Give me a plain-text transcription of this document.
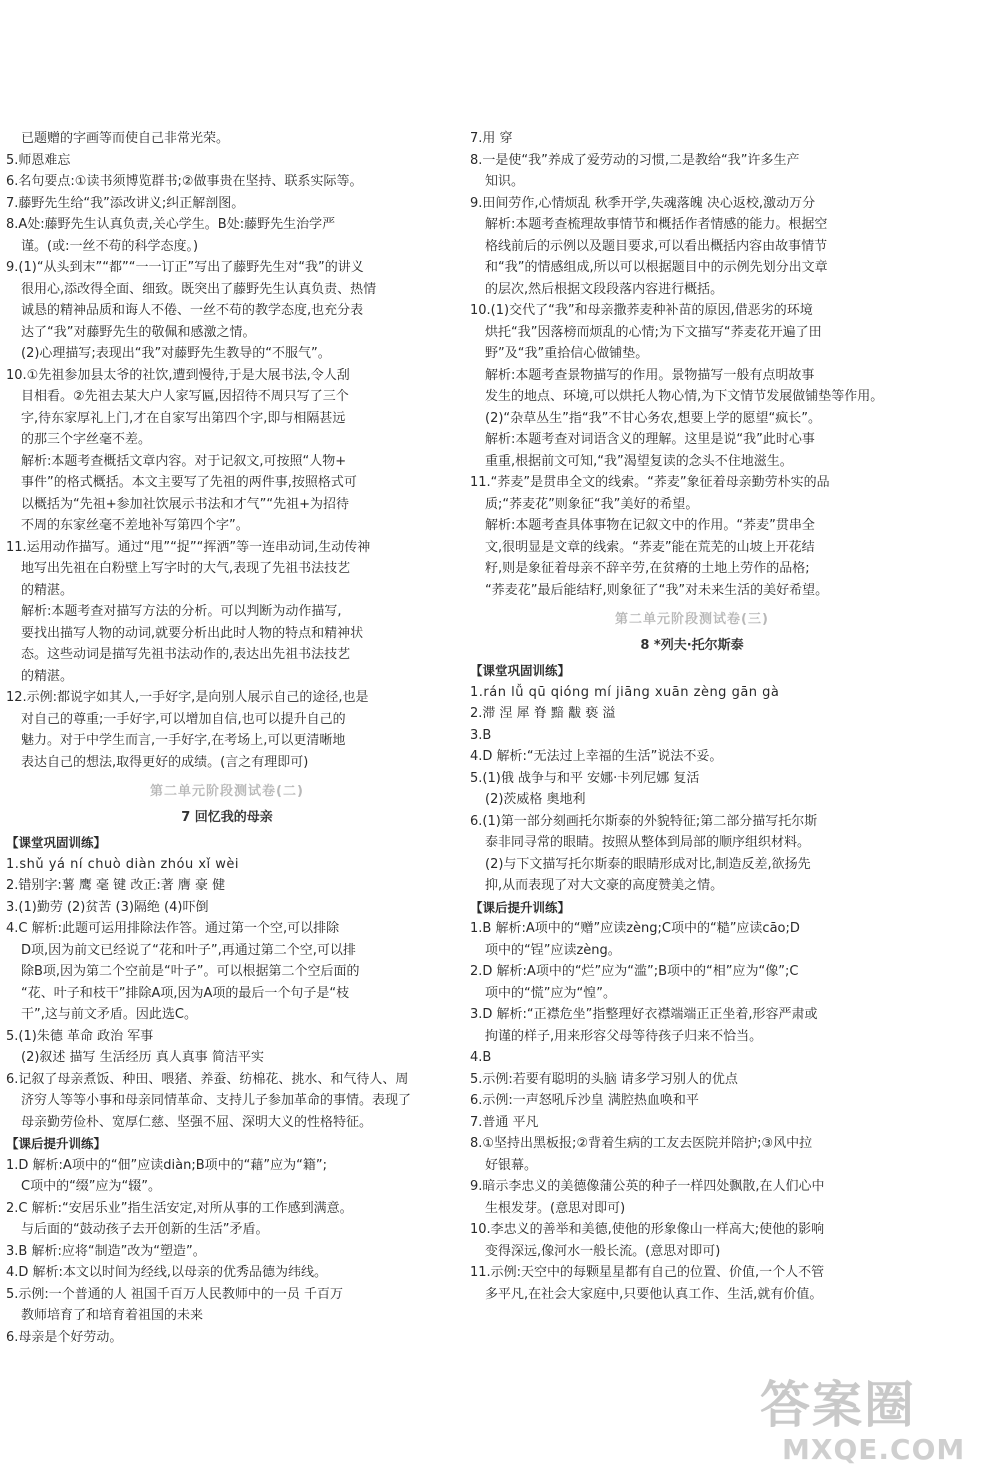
已题赠的字画等而使自己非常光荣。
5.师恩难忘
6.名句要点:①读书须博览群书;②做事贵在坚持、联系实际等。
7.藤野先生给“我”添改讲义;纠正解剖图。
8.A处:藤野先生认真负责,关心学生。B处:藤野先生治学严
谨。(或:一丝不苟的科学态度。)
9.(1)“从头到末”“都”“一一订正”写出了藤野先生对“我”的讲义
很用心,添改得全面、细致。既突出了藤野先生认真负责、热情
诚恳的精神品质和诲人不倦、一丝不苟的教学态度,也充分表
达了“我”对藤野先生的敬佩和感激之情。
(2)心理描写;表现出“我”对藤野先生教导的“不服气”。
10.①先祖参加县太爷的社饮,遭到慢待,于是大展书法,令人刮
目相看。②先祖去某大户人家写匾,因招待不周只写了三个
字,待东家厚礼上门,才在自家写出第四个字,即与相隔甚远
的那三个字丝毫不差。
解析:本题考查概括文章内容。对于记叙文,可按照“人物+
事件”的格式概括。本文主要写了先祖的两件事,按照格式可
以概括为“先祖+参加社饮展示书法和才气”“先祖+为招待
不周的东家丝毫不差地补写第四个字”。
11.运用动作描写。通过“甩”“捉”“挥洒”等一连串动词,生动传神
地写出先祖在白粉壁上写字时的大气,表现了先祖书法技艺
的精湛。
解析:本题考查对描写方法的分析。可以判断为动作描写,
要找出描写人物的动词,就要分析出此时人物的特点和精神状
态。这些动词是描写先祖书法动作的,表达出先祖书法技艺
的精湛。
12.示例:都说字如其人,一手好字,是向别人展示自己的途径,也是
对自己的尊重;一手好字,可以增加自信,也可以提升自己的
魅力。对于中学生而言,一手好字,在考场上,可以更清晰地
表达自己的想法,取得更好的成绩。(言之有理即可)
第二单元阶段测试卷(二)
7 回忆我的母亲
【课堂巩固训练】
1.shǔ yá ní chuò diàn zhóu xǐ wèi
2.错别字:薯 鹰 毫 键 改正:著 膺 豪 健
3.(1)勤劳 (2)贫苦 (3)隔绝 (4)吓倒
4.C 解析:此题可运用排除法作答。通过第一个空,可以排除
D项,因为前文已经说了“花和叶子”,再通过第二个空,可以排
除B项,因为第二个空前是“叶子”。可以根据第二个空后面的
“花、叶子和枝干”排除A项,因为A项的最后一个句子是“枝
干”,这与前文矛盾。因此选C。
5.(1)朱德 革命 政治 军事
(2)叙述 描写 生活经历 真人真事 简洁平实
6.记叙了母亲煮饭、种田、喂猪、养蚕、纺棉花、挑水、和气待人、周
济穷人等等小事和母亲同情革命、支持儿子参加革命的事情。表现了
母亲勤劳俭朴、宽厚仁慈、坚强不屈、深明大义的性格特征。
【课后提升训练】
1.D 解析:A项中的“佃”应读diàn;B项中的“藉”应为“籍”;
C项中的“缀”应为“辍”。
2.C 解析:“安居乐业”指生活安定,对所从事的工作感到满意。
与后面的“鼓动孩子去开创新的生活”矛盾。
3.B 解析:应将“制造”改为“塑造”。
4.D 解析:本文以时间为经线,以母亲的优秀品德为纬线。
5.示例:一个普通的人 祖国千百万人民教师中的一员 千百万
教师培育了和培育着祖国的未来
6.母亲是个好劳动。
7.用 穿
8.一是使“我”养成了爱劳动的习惯,二是教给“我”许多生产
知识。
9.田间劳作,心情烦乱 秋季开学,失魂落魄 决心返校,激动万分
解析:本题考查梳理故事情节和概括作者情感的能力。根据空
格线前后的示例以及题目要求,可以看出概括内容由故事情节
和“我”的情感组成,所以可以根据题目中的示例先划分出文章
的层次,然后根据文段段落内容进行概括。
10.(1)交代了“我”和母亲撒荞麦种补苗的原因,借恶劣的环境
烘托“我”因落榜而烦乱的心情;为下文描写“荞麦花开遍了田
野”及“我”重拾信心做铺垫。
解析:本题考查景物描写的作用。景物描写一般有点明故事
发生的地点、环境,可以烘托人物心情,为下文情节发展做铺垫等作用。
(2)“杂草丛生”指“我”不甘心务农,想要上学的愿望“疯长”。
解析:本题考查对词语含义的理解。这里是说“我”此时心事
重重,根据前文可知,“我”渴望复读的念头不住地滋生。
11.“荞麦”是贯串全文的线索。“荞麦”象征着母亲勤劳朴实的品
质;“荞麦花”则象征“我”美好的希望。
解析:本题考查具体事物在记叙文中的作用。“荞麦”贯串全
文,很明显是文章的线索。“荞麦”能在荒芜的山坡上开花结
籽,则是象征着母亲不辞辛劳,在贫瘠的土地上劳作的品格;
“荞麦花”最后能结籽,则象征了“我”对未来生活的美好希望。
第二单元阶段测试卷(三)
8 *列夫·托尔斯泰
【课堂巩固训练】
1.rán lǚ qū qióng mí jiāng xuān zèng gān gà
2.滞 涅 犀 脊 黯 黻 亵 溢
3.B
4.D 解析:“无法过上幸福的生活”说法不妥。
5.(1)俄 战争与和平 安娜·卡列尼娜 复活
(2)茨威格 奥地利
6.(1)第一部分刻画托尔斯泰的外貌特征;第二部分描写托尔斯
泰非同寻常的眼睛。按照从整体到局部的顺序组织材料。
(2)与下文描写托尔斯泰的眼睛形成对比,制造反差,欲扬先
抑,从而表现了对大文豪的高度赞美之情。
【课后提升训练】
1.B 解析:A项中的“赠”应读zèng;C项中的“糙”应读cāo;D
项中的“锃”应读zèng。
2.D 解析:A项中的“烂”应为“滥”;B项中的“相”应为“像”;C
项中的“慌”应为“惶”。
3.D 解析:“正襟危坐”指整理好衣襟端端正正坐着,形容严肃或
拘谨的样子,用来形容父母等待孩子归来不恰当。
4.B
5.示例:若要有聪明的头脑 请多学习别人的优点
6.示例:一声怒吼斥沙皇 满腔热血唤和平
7.普通 平凡
8.①坚持出黑板报;②背着生病的工友去医院并陪护;③风中拉
好银幕。
9.暗示李忠义的美德像蒲公英的种子一样四处飘散,在人们心中
生根发芽。(意思对即可)
10.李忠义的善举和美德,使他的形象像山一样高大;使他的影响
变得深远,像河水一般长流。(意思对即可)
11.示例:天空中的每颗星星都有自己的位置、价值,一个人不管
多平凡,在社会大家庭中,只要他认真工作、生活,就有价值。
答案圈
MXQE.COM
